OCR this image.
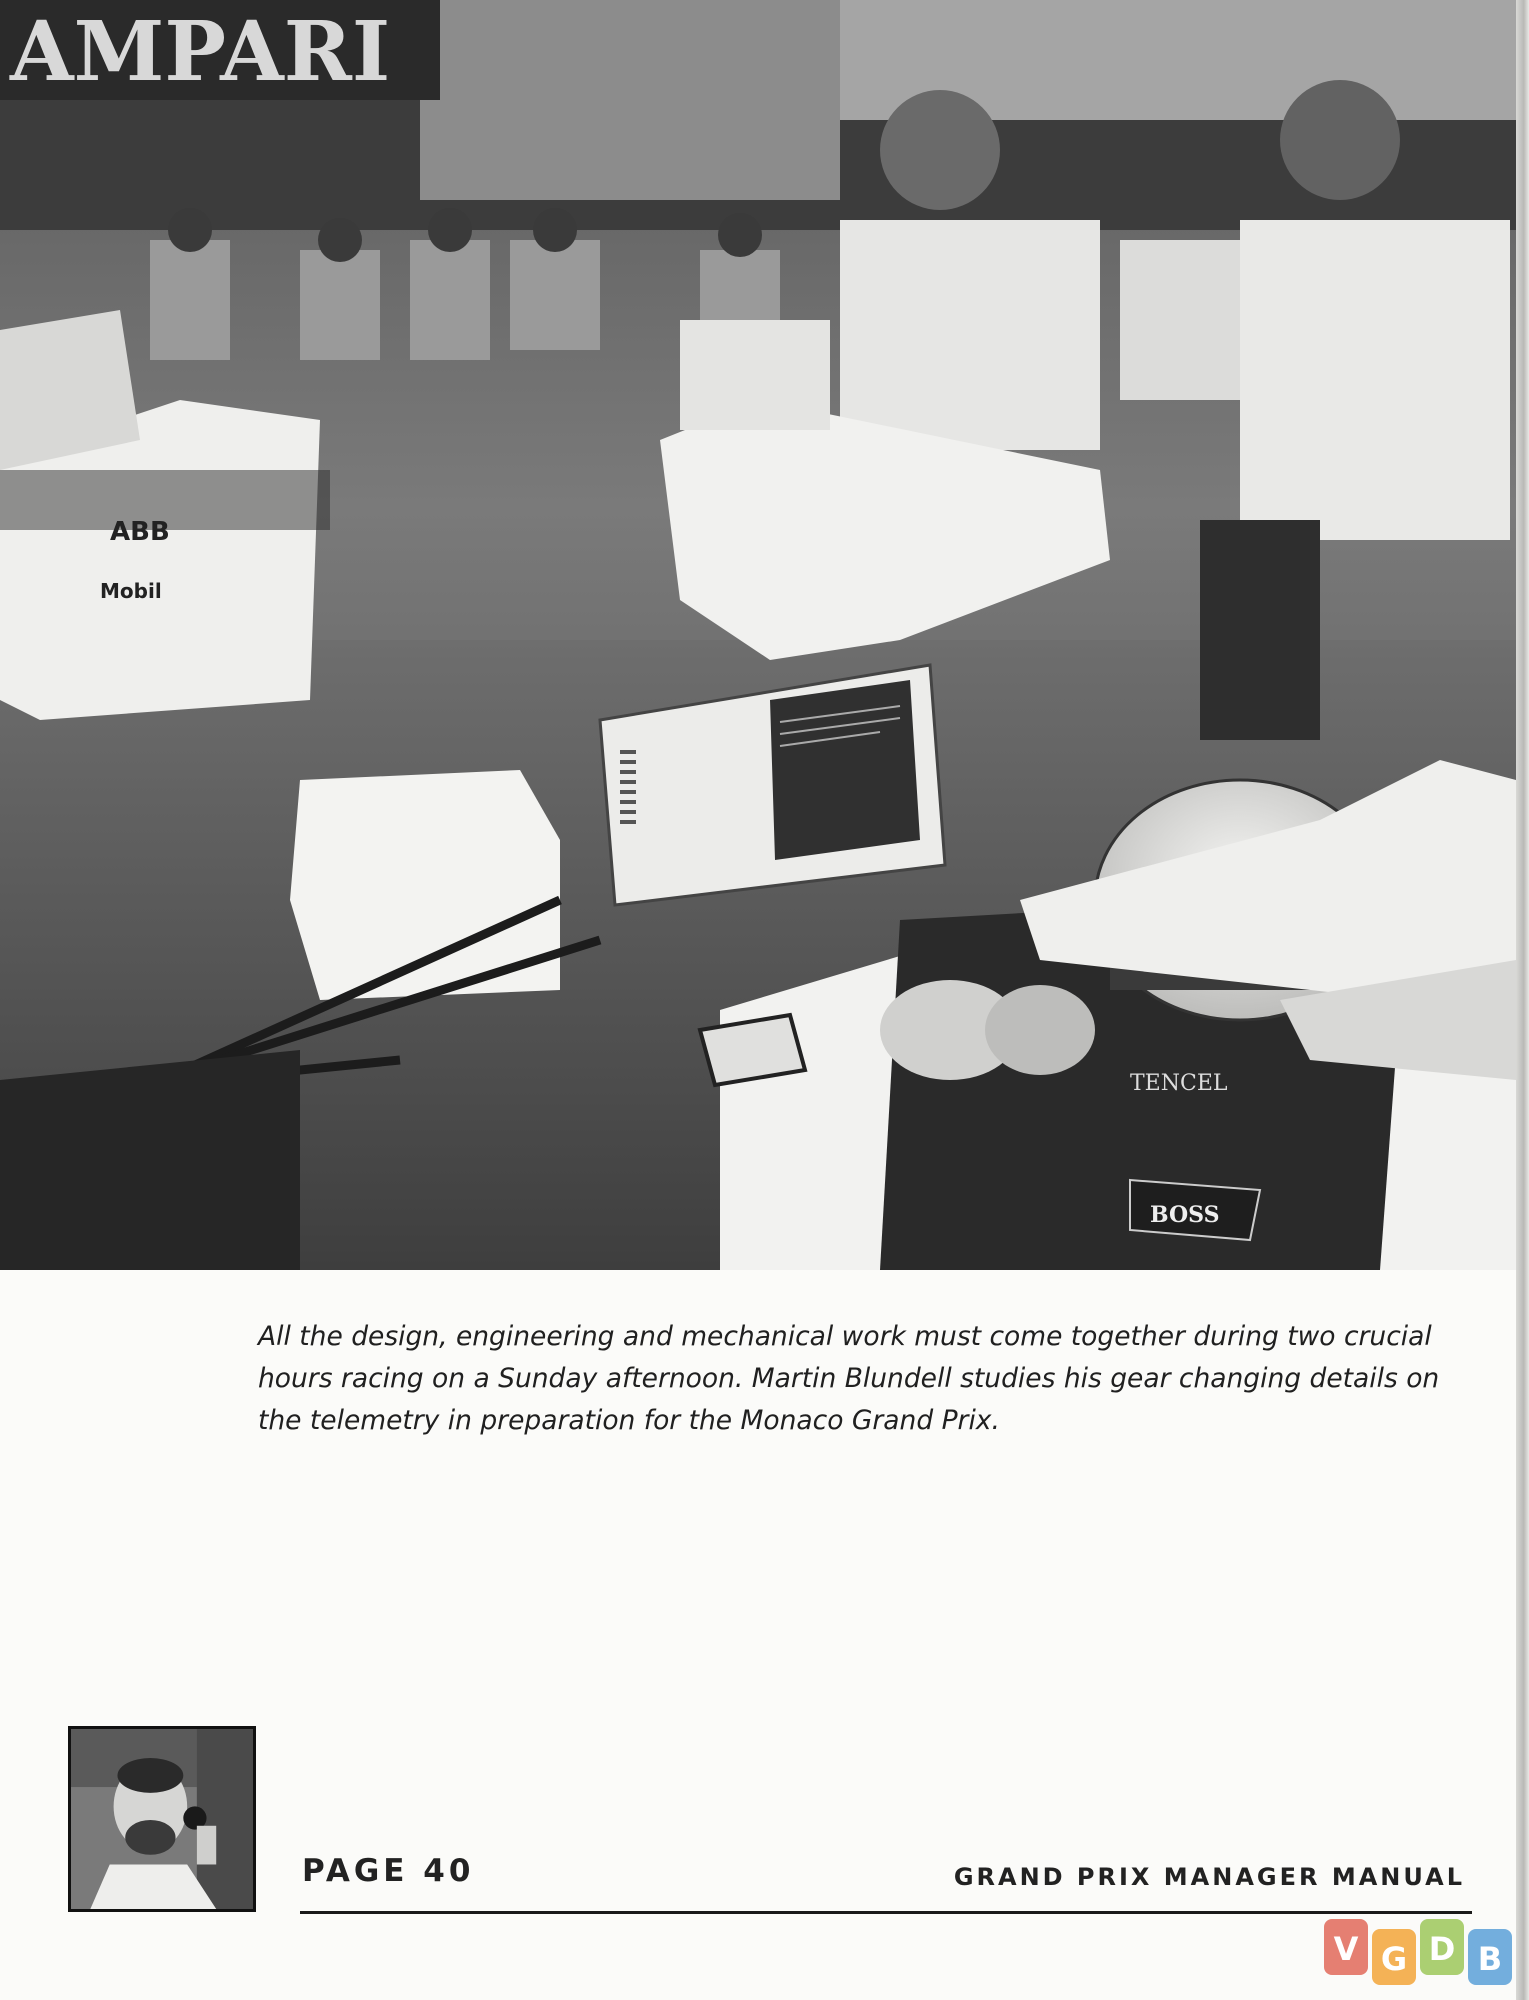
AMPARI
ABB
Mobil
TENCEL
BOSS

All the design, engineering and mechanical work must come together during two crucial hours racing on a Sunday afternoon. Martin Blundell studies his gear changing details on the telemetry in preparation for the Monaco Grand Prix.

PAGE 40	GRAND PRIX MANAGER MANUAL
V G D B
